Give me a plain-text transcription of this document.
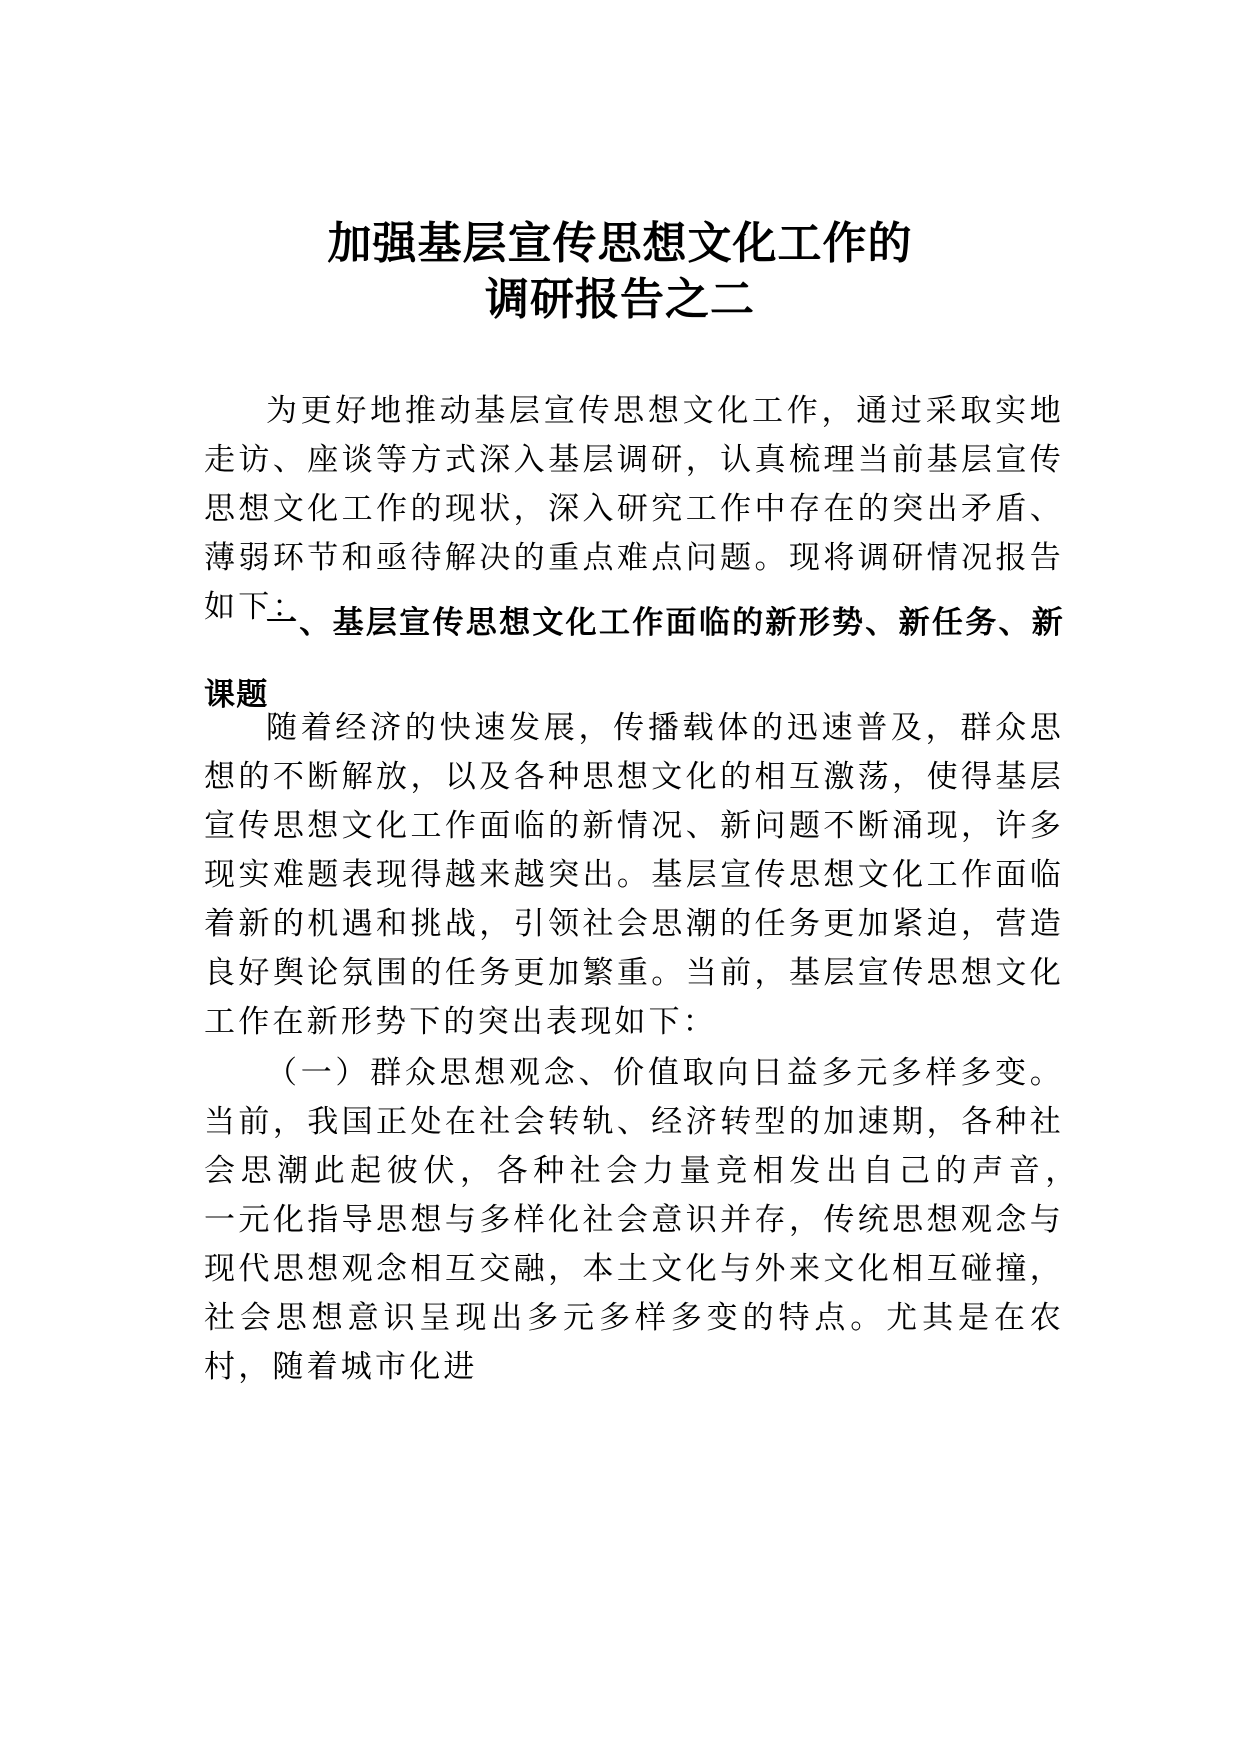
加强基层宣传思想文化工作的
调研报告之二

为更好地推动基层宣传思想文化工作，通过采取实地走访、座谈等方式深入基层调研，认真梳理当前基层宣传思想文化工作的现状，深入研究工作中存在的突出矛盾、薄弱环节和亟待解决的重点难点问题。现将调研情况报告如下：

一、基层宣传思想文化工作面临的新形势、新任务、新课题

随着经济的快速发展，传播载体的迅速普及，群众思想的不断解放，以及各种思想文化的相互激荡，使得基层宣传思想文化工作面临的新情况、新问题不断涌现，许多现实难题表现得越来越突出。基层宣传思想文化工作面临着新的机遇和挑战，引领社会思潮的任务更加紧迫，营造良好舆论氛围的任务更加繁重。当前，基层宣传思想文化工作在新形势下的突出表现如下：

（一）群众思想观念、价值取向日益多元多样多变。当前，我国正处在社会转轨、经济转型的加速期，各种社会思潮此起彼伏，各种社会力量竞相发出自己的声音，　一元化指导思想与多样化社会意识并存，传统思想观念与现代思想观念相互交融，本土文化与外来文化相互碰撞，社会思想意识呈现出多元多样多变的特点。尤其是在农村，随着城市化进
